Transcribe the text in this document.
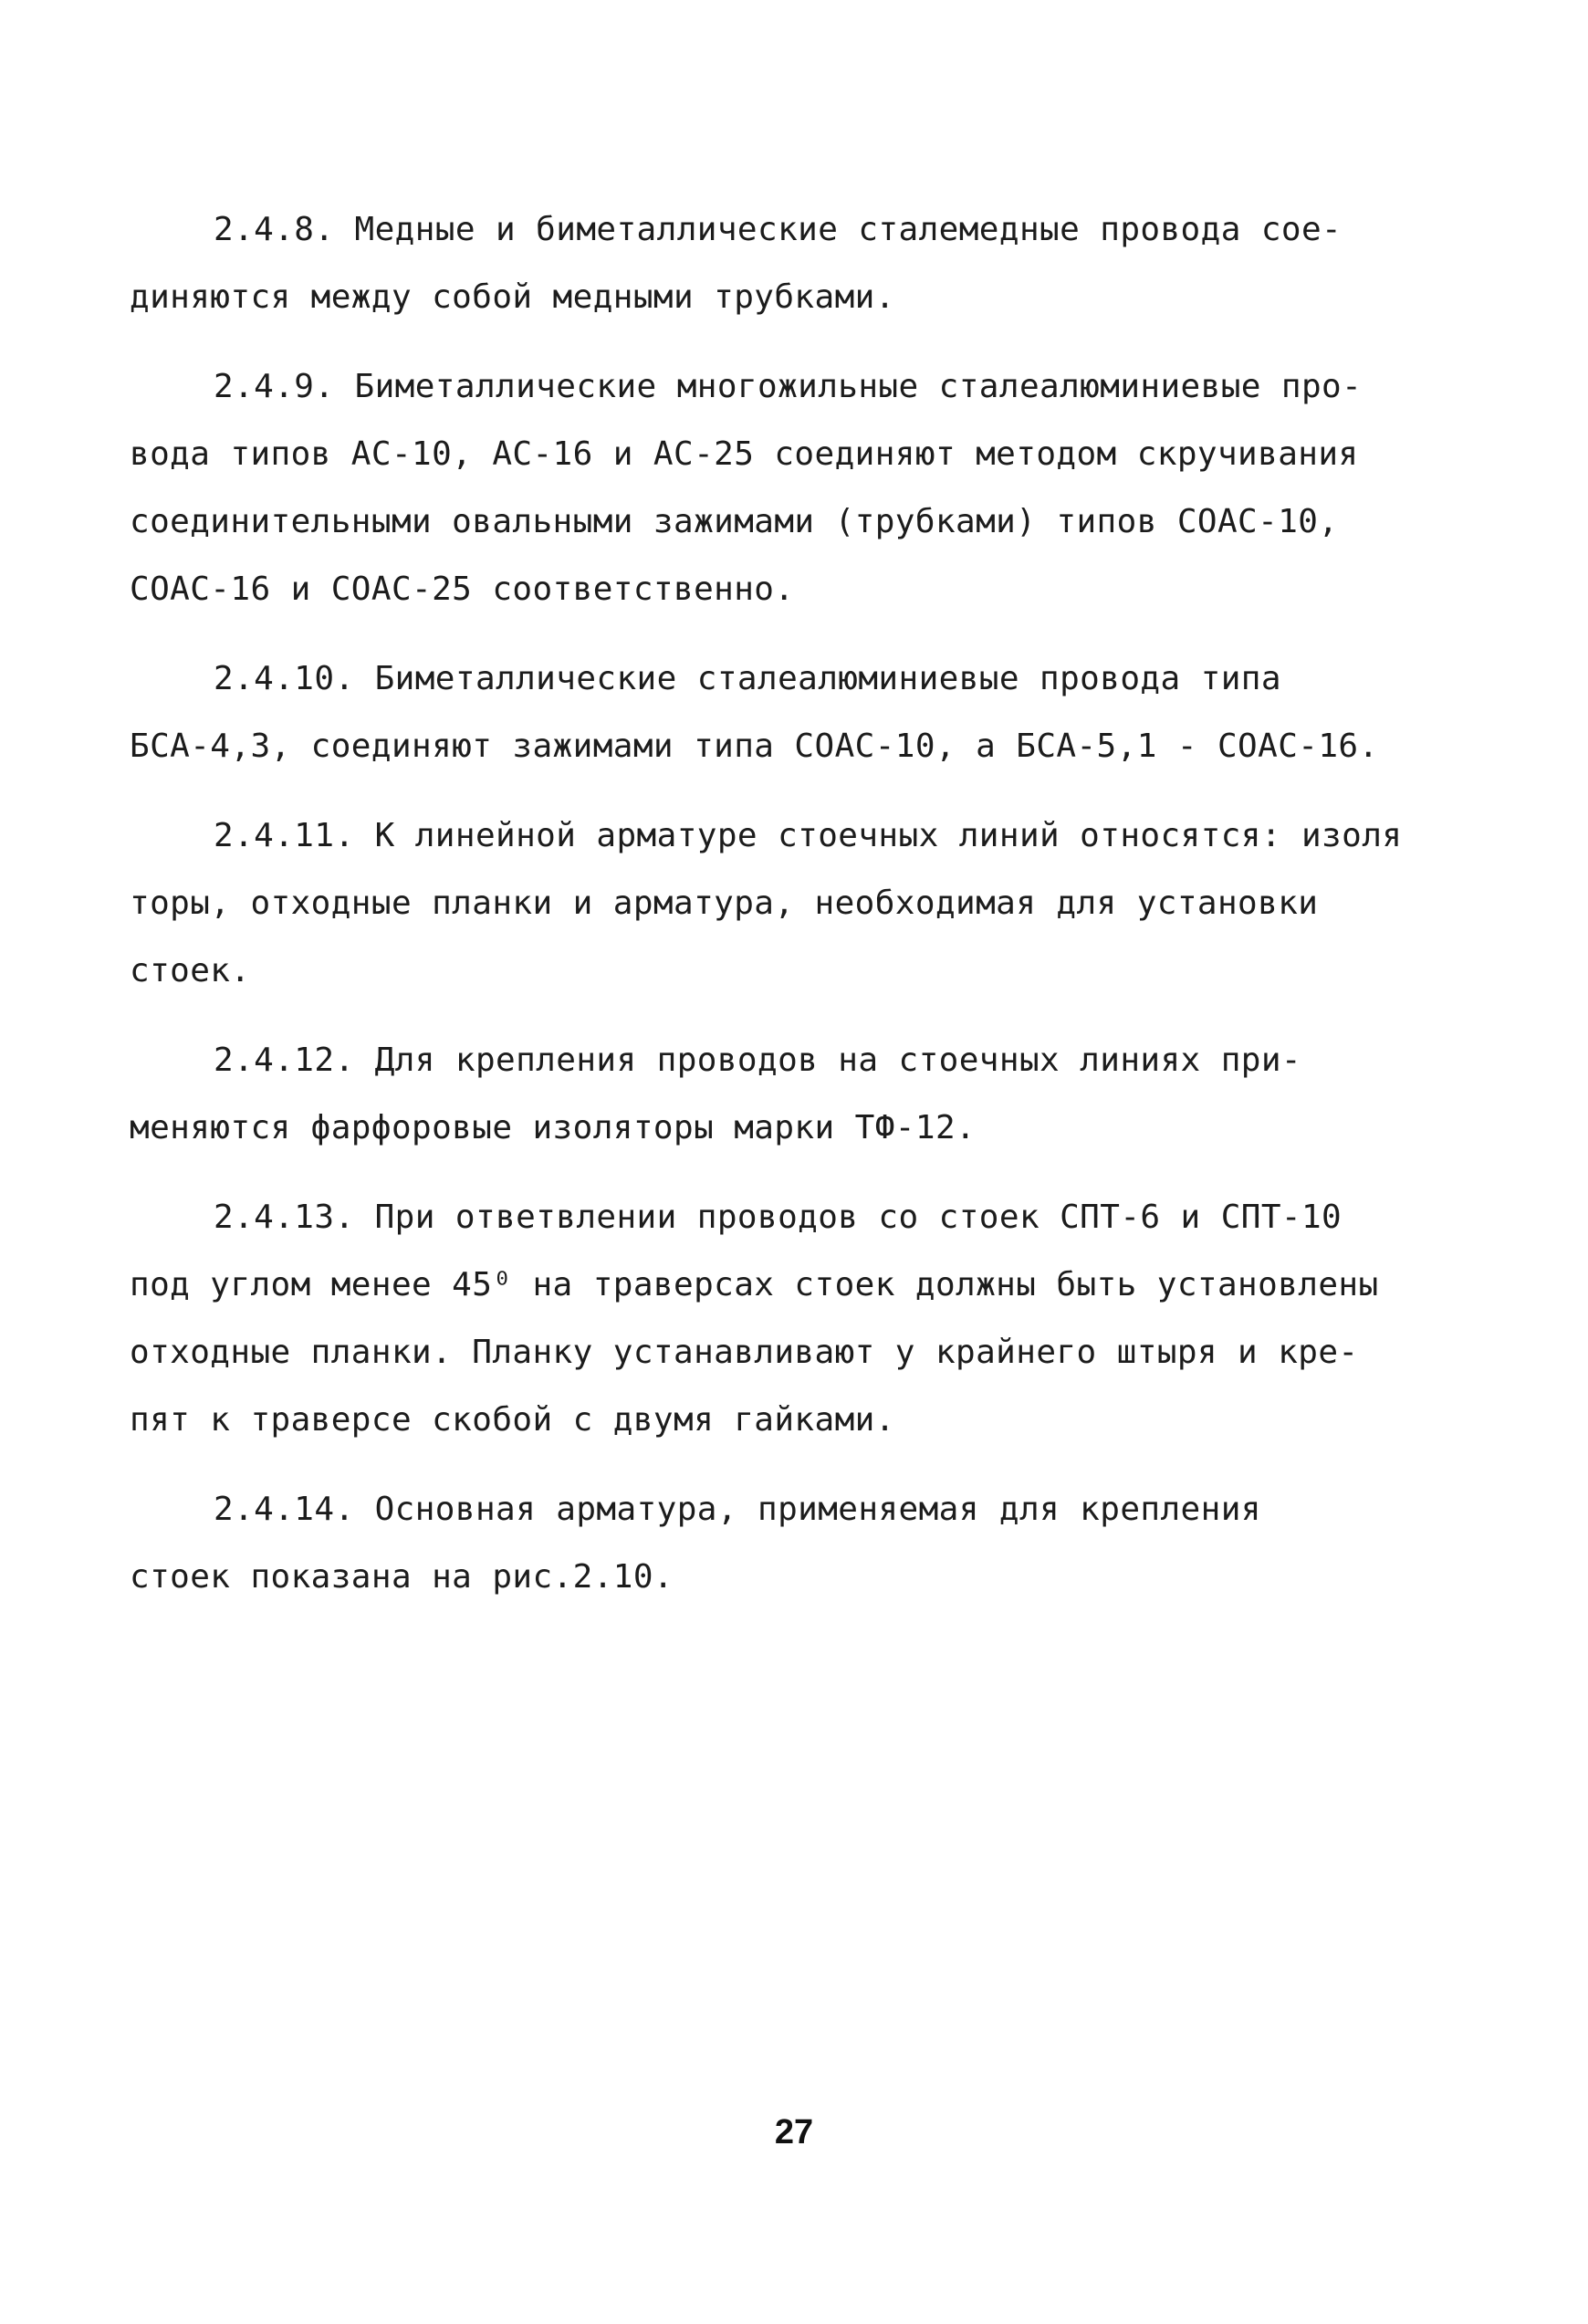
2.4.8. Медные и биметаллические сталемедные провода сое-
диняются между собой медными трубками.
2.4.9. Биметаллические многожильные сталеалюминиевые про-
вода типов АС-10, АС-16 и АС-25 соединяют методом скручивания
соединительными овальными зажимами (трубками) типов СОАС-10,
СОАС-16 и СОАС-25 соответственно.
2.4.10. Биметаллические сталеалюминиевые провода типа
БСА-4,3, соединяют зажимами типа СОАС-10, а БСА-5,1 - СОАС-16.
2.4.11. К линейной арматуре стоечных линий относятся: изоля
торы, отходные планки и арматура, необходимая для установки
стоек.
2.4.12. Для крепления проводов на стоечных линиях при-
меняются фарфоровые изоляторы марки ТФ-12.
2.4.13. При ответвлении проводов со стоек СПТ-6 и СПТ-10
под углом менее 45⁰ на траверсах стоек должны быть установлены
отходные планки. Планку устанавливают у крайнего штыря и кре-
пят к траверсе скобой с двумя гайками.
2.4.14. Основная арматура, применяемая для крепления
стоек показана на рис.2.10.
27
